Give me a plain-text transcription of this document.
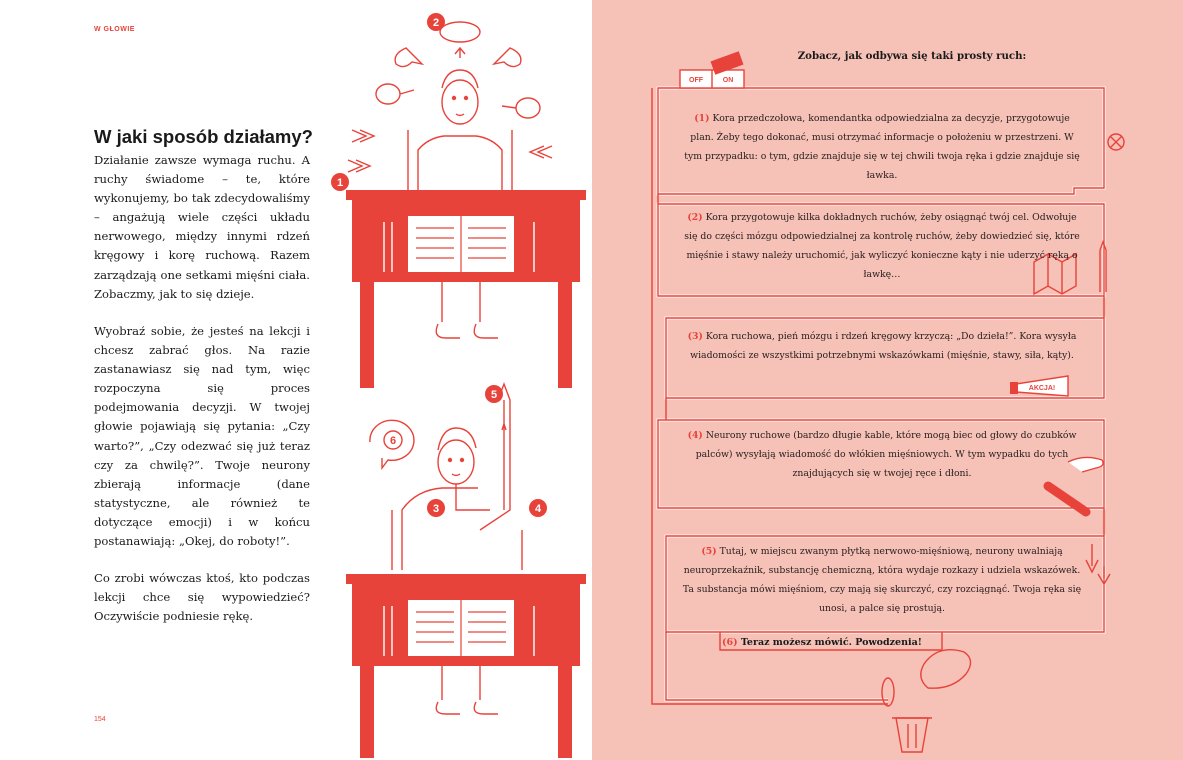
W GŁOWIE
W jaki sposób działamy?

Działanie zawsze wymaga ruchu. A ruchy świadome – te, które wykonujemy, bo tak zdecydowaliśmy – angażują wiele części układu nerwowego, między innymi rdzeń kręgowy i korę ruchową. Razem zarządzają one setkami mięśni ciała. Zobaczmy, jak to się dzieje.

Wyobraź sobie, że jesteś na lekcji i chcesz zabrać głos. Na razie zastanawiasz się nad tym, więc rozpoczyna się proces podejmowania decyzji. W twojej głowie pojawiają się pytania: „Czy warto?”, „Czy odezwać się już teraz czy za chwilę?”. Twoje neurony zbierają informacje (dane statystyczne, ale również te dotyczące emocji) i w końcu postanawiają: „Okej, do roboty!”.

Co zrobi wówczas ktoś, kto podczas lekcji chce się wypowiedzieć? Oczywiście podniesie rękę.

154
1
2
6
5
3	4
AKCJA!
OFF	ON
Zobacz, jak odbywa się taki prosty ruch:
(1) Kora przedczołowa, komendantka odpowiedzialna za decyzje, przygotowuje plan. Żeby tego dokonać, musi otrzymać informacje o położeniu w przestrzeni. W tym przypadku: o tym, gdzie znajduje się w tej chwili twoja ręka i gdzie znajduje się ławka.
(2) Kora przygotowuje kilka dokładnych ruchów, żeby osiągnąć twój cel. Odwołuje się do części mózgu odpowiedzialnej za kontrolę ruchów, żeby dowiedzieć się, które mięśnie i stawy należy uruchomić, jak wyliczyć konieczne kąty i nie uderzyć ręką o ławkę…
(3) Kora ruchowa, pień mózgu i rdzeń kręgowy krzyczą: „Do dzieła!”. Kora wysyła wiadomości ze wszystkimi potrzebnymi wskazówkami (mięśnie, stawy, siła, kąty).
(4) Neurony ruchowe (bardzo długie kable, które mogą biec od głowy do czubków palców) wysyłają wiadomość do włókien mięśniowych. W tym wypadku do tych znajdujących się w twojej ręce i dłoni.
(5) Tutaj, w miejscu zwanym płytką nerwowo-mięśniową, neurony uwalniają neuroprzekaźnik, substancję chemiczną, która wydaje rozkazy i udziela wskazówek. Ta substancja mówi mięśniom, czy mają się skurczyć, czy rozciągnąć. Twoja ręka się unosi, a palce się prostują.
(6) Teraz możesz mówić. Powodzenia!
